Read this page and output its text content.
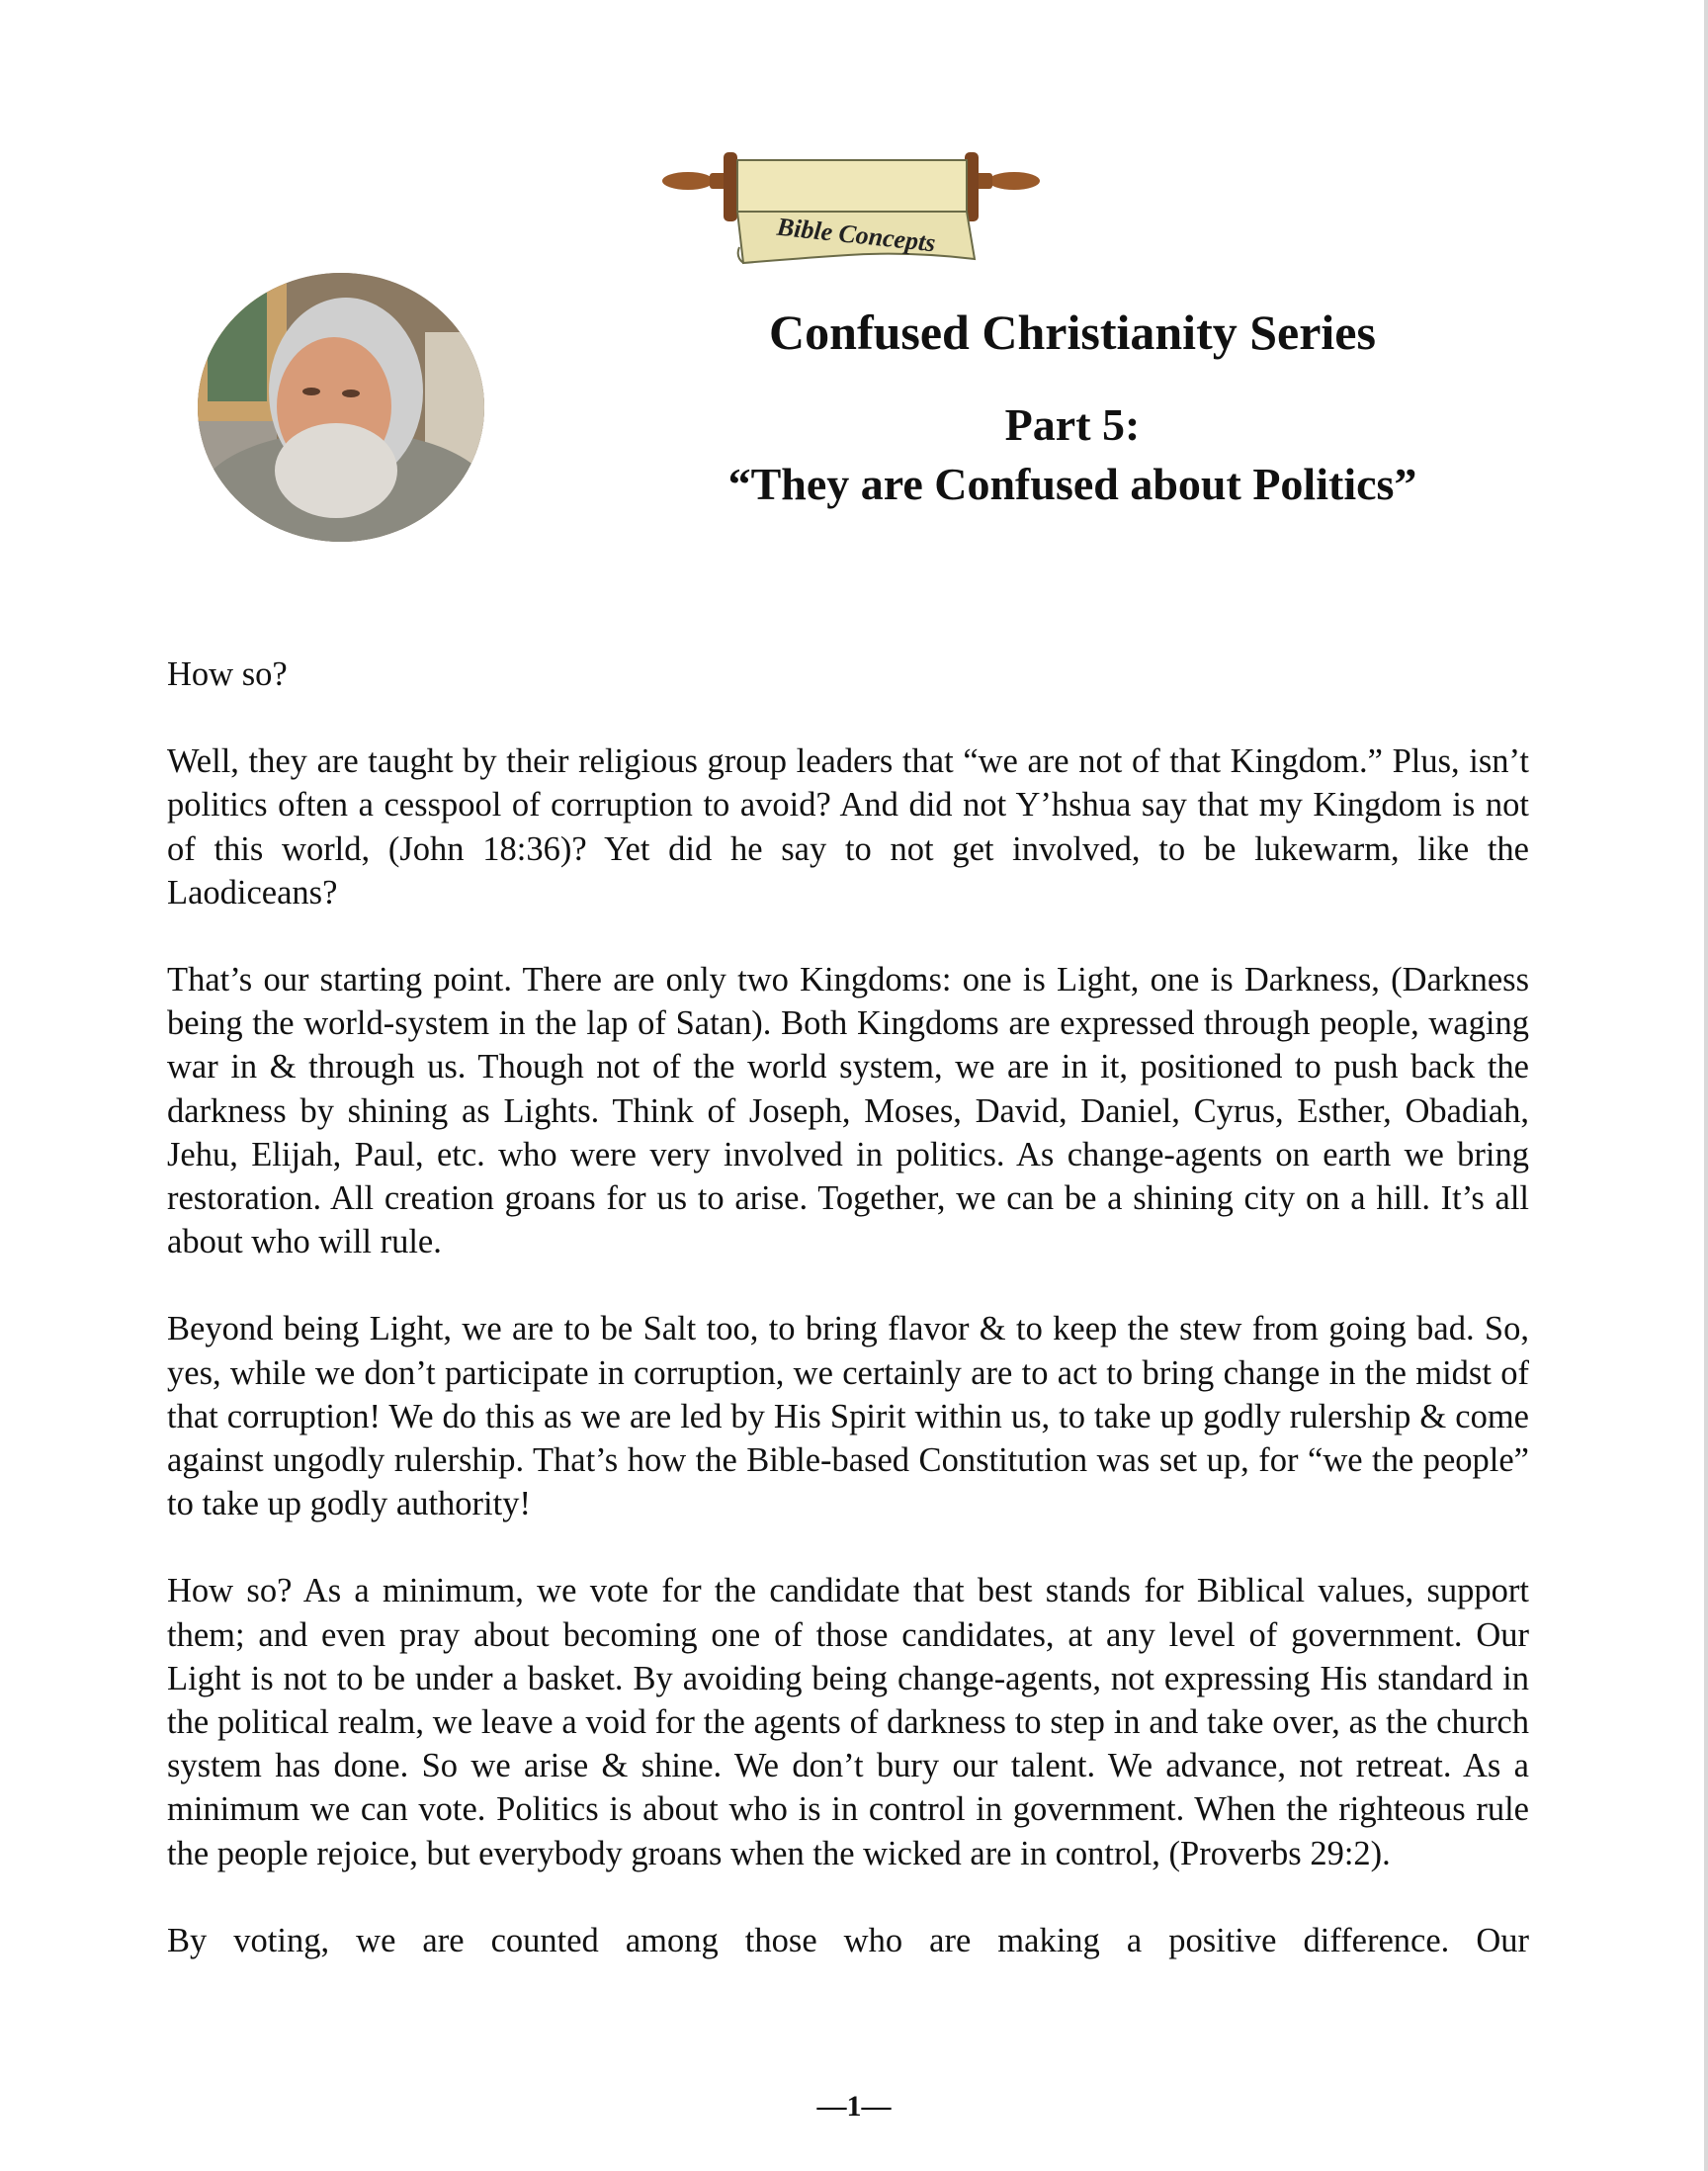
Bible Concepts
Confused Christianity Series
Part 5:
“They are Confused about Politics”

How so?

Well, they are taught by their religious group leaders that “we are not of that Kingdom.” Plus, isn’t politics often a cesspool of corruption to avoid? And did not Y’hshua say that my Kingdom is not of this world, (John 18:36)? Yet did he say to not get involved, to be lukewarm, like the Laodiceans?

That’s our starting point. There are only two Kingdoms: one is Light, one is Darkness, (Darkness being the world-system in the lap of Satan). Both Kingdoms are expressed through people, waging war in & through us. Though not of the world system, we are in it, positioned to push back the darkness by shining as Lights. Think of Joseph, Moses, David, Daniel, Cyrus, Esther, Obadiah, Jehu, Elijah, Paul, etc. who were very involved in politics. As change-agents on earth we bring restoration. All creation groans for us to arise. Together, we can be a shining city on a hill. It’s all about who will rule.

Beyond being Light, we are to be Salt too, to bring flavor & to keep the stew from going bad. So, yes, while we don’t participate in corruption, we certainly are to act to bring change in the midst of that corruption! We do this as we are led by His Spirit within us, to take up godly rulership & come against ungodly rulership. That’s how the Bible-based Constitution was set up, for “we the people” to take up godly authority!

How so? As a minimum, we vote for the candidate that best stands for Biblical values, support them; and even pray about becoming one of those candidates, at any level of government. Our Light is not to be under a basket. By avoiding being change-agents, not expressing His standard in the political realm, we leave a void for the agents of darkness to step in and take over, as the church system has done. So we arise & shine. We don’t bury our talent. We advance, not retreat. As a minimum we can vote. Politics is about who is in control in government. When the righteous rule the people rejoice, but everybody groans when the wicked are in control, (Proverbs 29:2).

By voting, we are counted among those who are making a positive difference. Our

—1—
